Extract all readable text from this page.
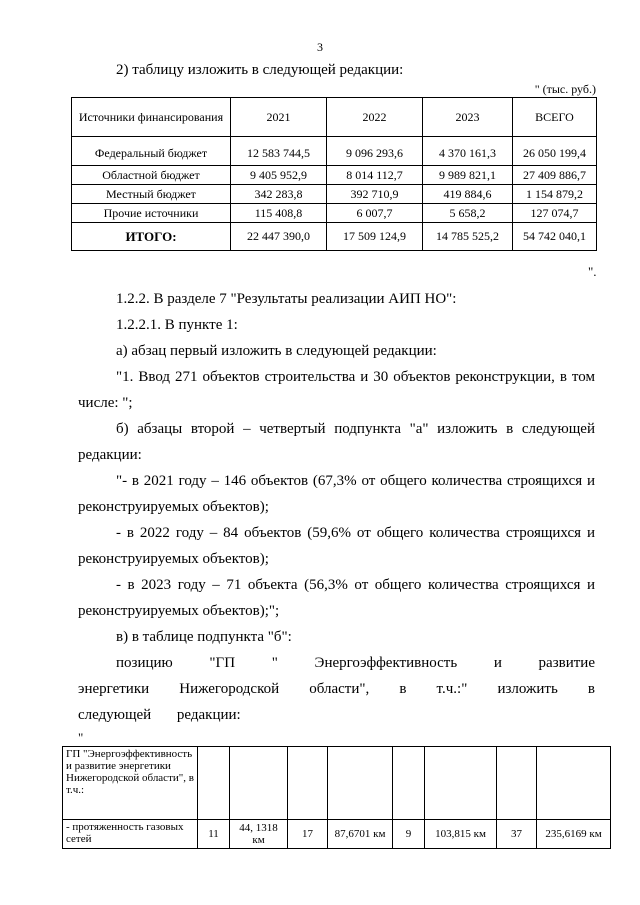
3
2) таблицу изложить в следующей редакции:
" (тыс. руб.)
Источники финансирования	2021	2022	2023	ВСЕГО
Федеральный бюджет	12 583 744,5	9 096 293,6	4 370 161,3	26 050 199,4
Областной бюджет	9 405 952,9	8 014 112,7	9 989 821,1	27 409 886,7
Местный бюджет	342 283,8	392 710,9	419 884,6	1 154 879,2
Прочие источники	115 408,8	6 007,7	5 658,2	127 074,7
ИТОГО:	22 447 390,0	17 509 124,9	14 785 525,2	54 742 040,1
".
1.2.2. В разделе 7 "Результаты реализации АИП НО":
1.2.2.1. В пункте 1:
а) абзац первый изложить в следующей редакции:
"1. Ввод 271 объектов строительства и 30 объектов реконструкции, в том числе: ";
б) абзацы второй – четвертый подпункта "а" изложить в следующей редакции:
"- в 2021 году – 146 объектов (67,3% от общего количества строящихся и реконструируемых объектов);
- в 2022 году – 84 объектов (59,6% от общего количества строящихся и реконструируемых объектов);
- в 2023 году – 71 объекта (56,3% от общего количества строящихся и реконструируемых объектов);";
в) в таблице подпункта "б":
позицию "ГП " Энергоэффективность и развитие энергетики Нижегородской области", в т.ч.:" изложить в следующей редакции:
"
ГП "Энергоэффективность и развитие энергетики Нижегородской области", в т.ч.:								
- протяженность газовых сетей	11	44, 1318 км	17	87,6701 км	9	103,815 км	37	235,6169 км
